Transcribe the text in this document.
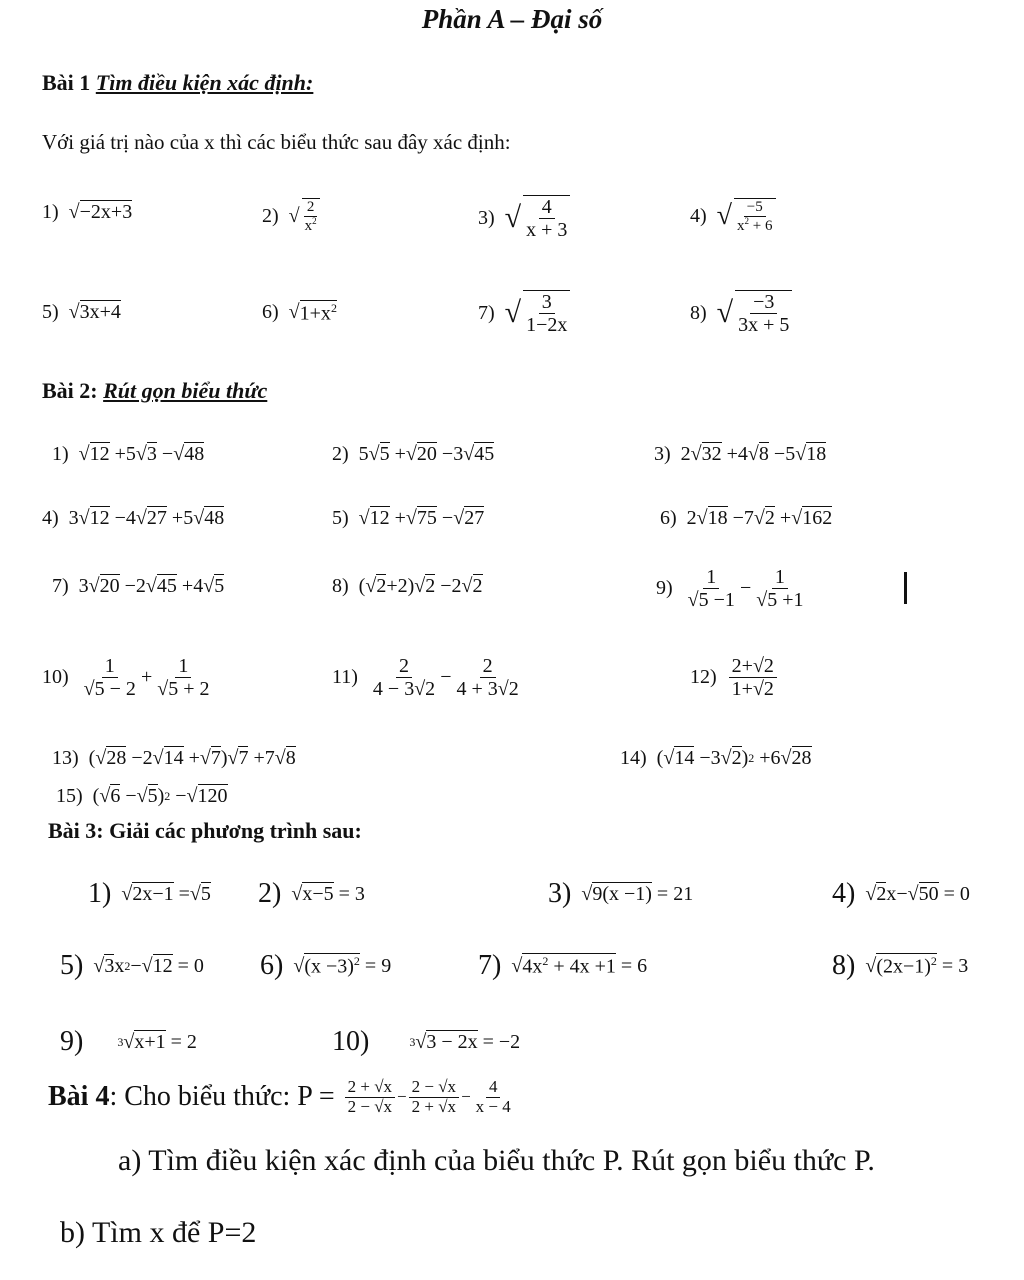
Phần A – Đại số
Bài 1 Tìm điều kiện xác định:
Với giá trị nào của x thì các biểu thức sau đây xác định:
1) √ −2x+3	2) √ $\frac{2}{x^2}$	3) √ $\frac{4}{x + 3}$	4) √ $\frac{-5}{x^2 + 6}$
5) √ 3x+4	6) √ $1+x^2$	7) √ $\frac{3}{1-2x}$	8) √ $\frac{-3}{3x + 5}$
Bài 2: Rút gọn biểu thức
1) √ 12 +5√ 3 −√ 48	2) 5√ 5 +√ 20 −3√ 45	3) 2√ 32 +4√ 8 −5√ 18
4) 3√ 12 −4√ 27 +5√ 48	5) √ 12 +√ 75 −√ 27	6) 2√ 18 −7√ 2 +√ 162
7) 3√ 20 −2√ 45 +4√ 5	8) (√ 2 +2)√ 2 −2√ 2	$9) \frac{1}{√5 -1} - \frac{1}{√5 +1}$
$10) \frac{1}{√5 - 2} + \frac{1}{√5 + 2}$	$11) \frac{2}{4 - 3√2} - \frac{2}{4 + 3√2}$	$12) \frac{2+√2}{1+√2}$
13) (√ 28 −2√ 14 +√ 7 )√ 7 +7√ 8	14) (√ 14 −3√ 2 ) 2 +6√ 28
15) (√ 6 −√ 5 ) 2 −√ 120
Bài 3: Giải các phương trình sau:
1) √ 2x−1 =√ 5 2) √ x−5 = 3	3) √ 9(x −1) = 21	4) √ 2 x−√ 50 = 0
5) √ 3 x 2 −√ 12 = 0 6) √ $(x -3)^2 = 9$	7) √ $4x^2 + 4x +1 = 6$	8) √ $(2x-1)^2 = 3$
9)	3 √ x+1 = 2	10)	3 √ 3 − 2x = −2
Bài 4 : Cho biểu thức: $P = \frac{2 + √x}{2 - √x} - \frac{2 - √x}{2 + √x} - \frac{4}{x - 4}$
a) Tìm điều kiện xác định của biểu thức P. Rút gọn biểu thức P.
b) Tìm x để P=2
